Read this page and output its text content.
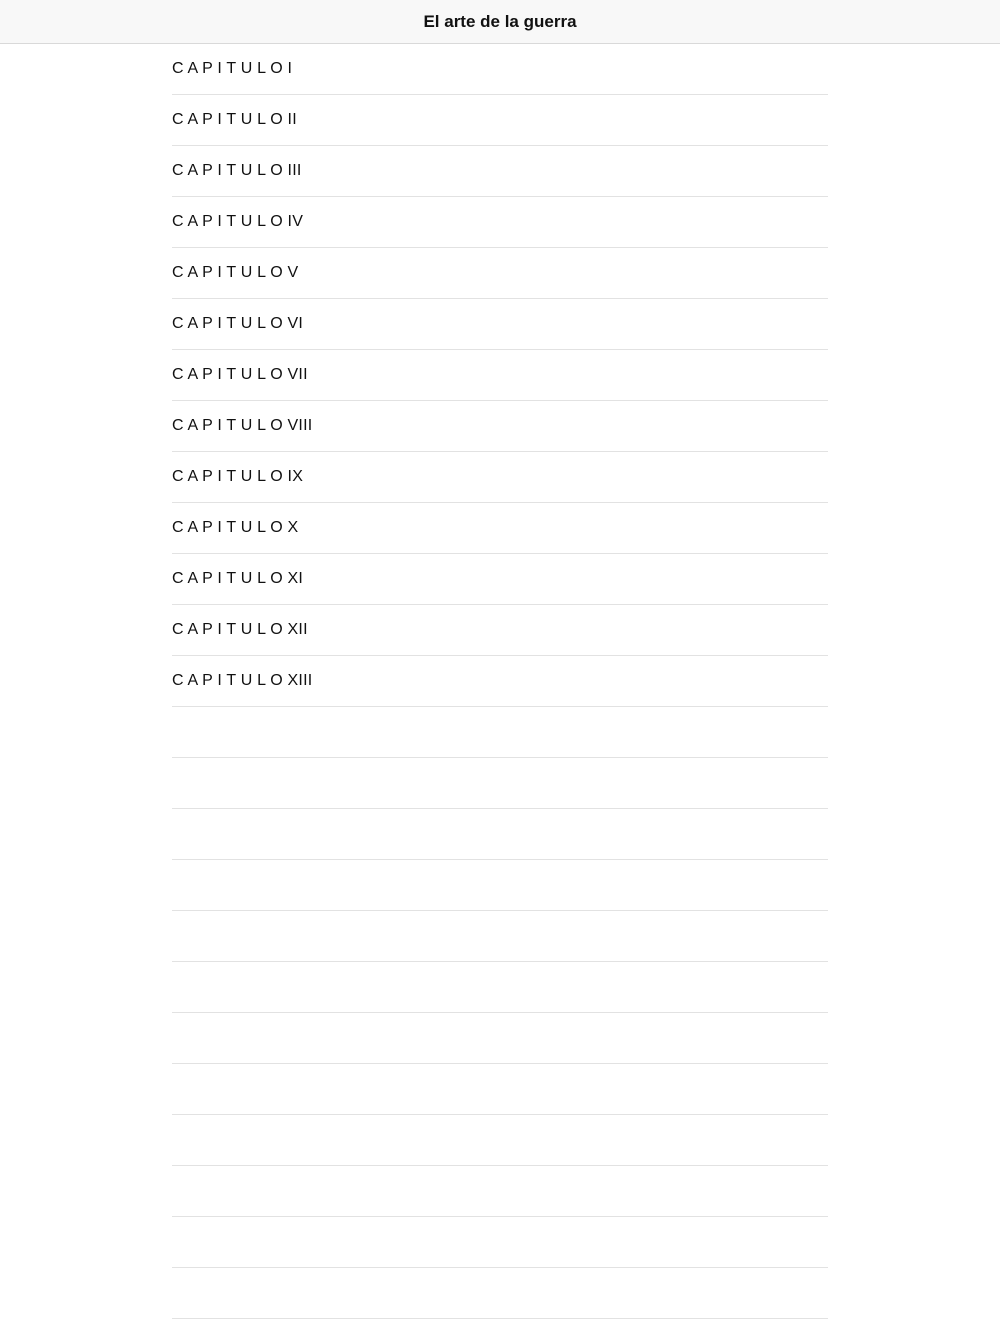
El arte de la guerra
C A P I T U L O I
C A P I T U L O II
C A P I T U L O III
C A P I T U L O IV
C A P I T U L O V
C A P I T U L O VI
C A P I T U L O VII
C A P I T U L O VIII
C A P I T U L O IX
C A P I T U L O X
C A P I T U L O XI
C A P I T U L O XII
C A P I T U L O XIII
